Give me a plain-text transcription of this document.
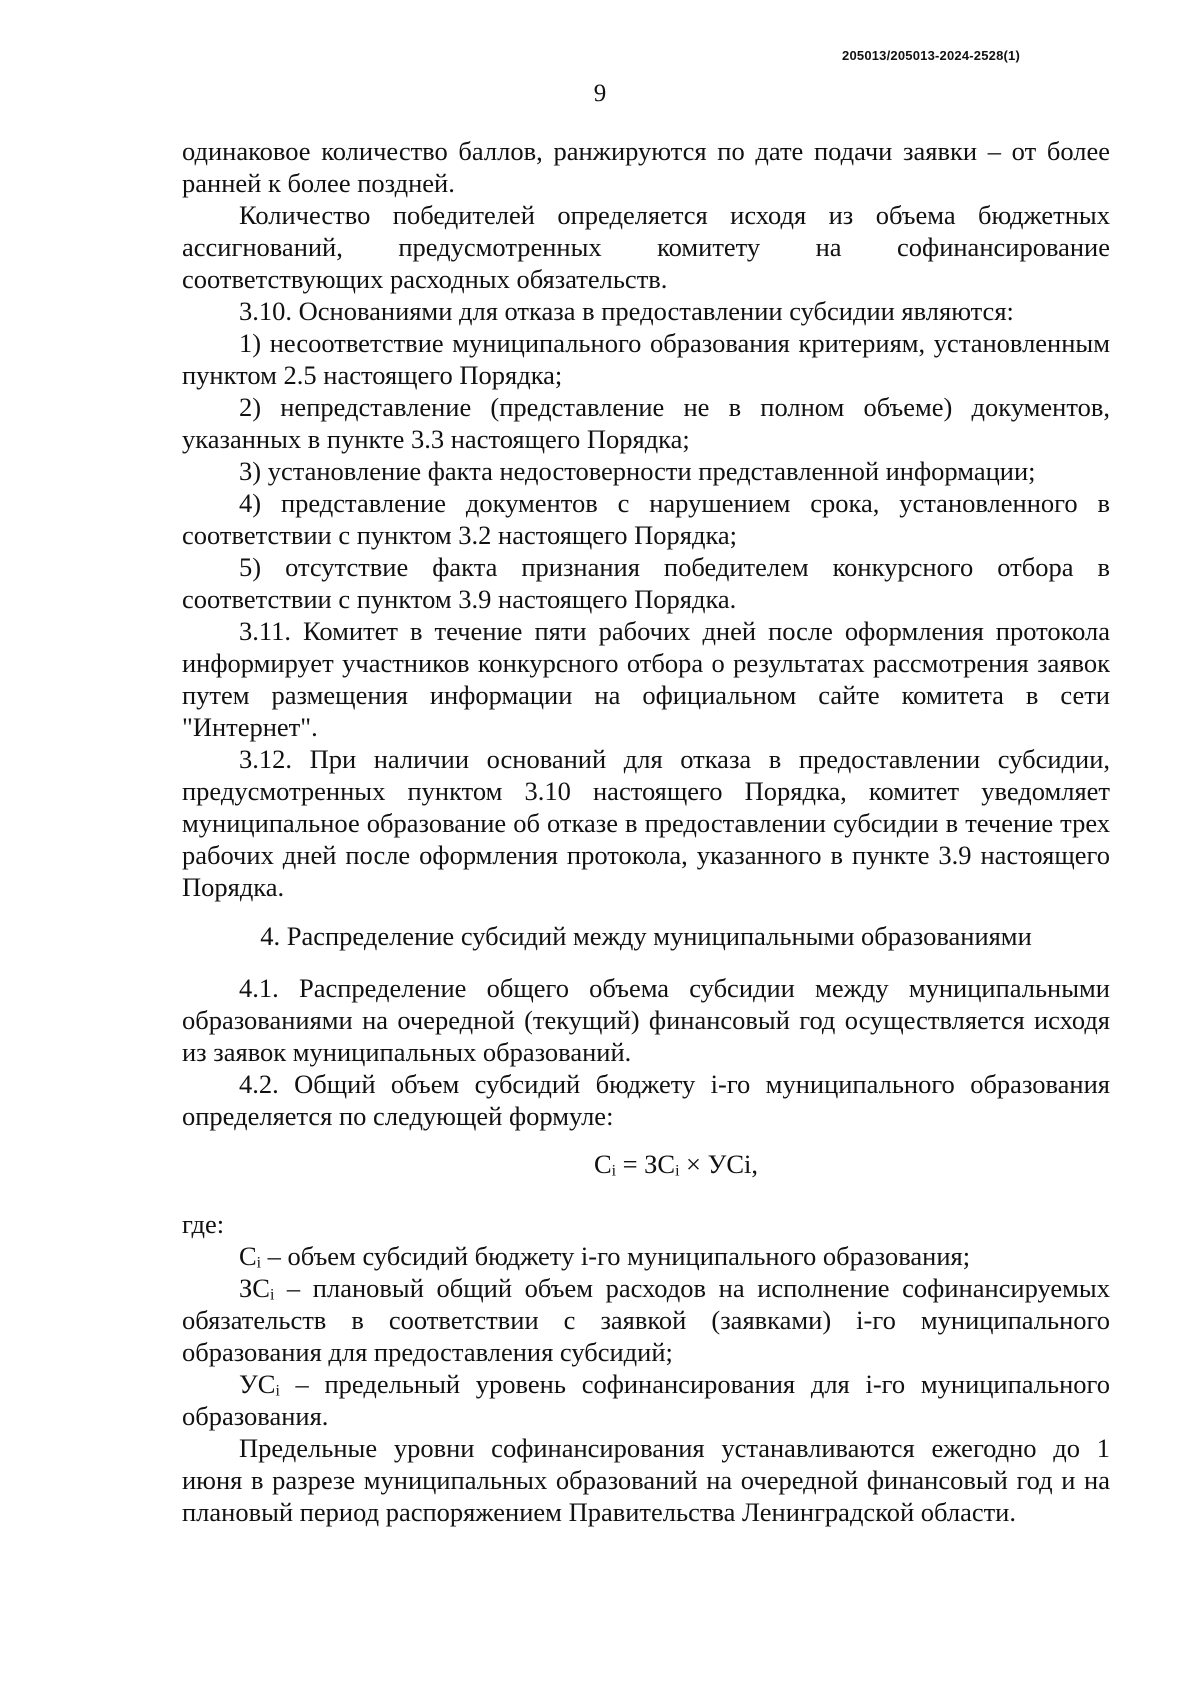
205013/205013-2024-2528(1)
9

одинаковое количество баллов, ранжируются по дате подачи заявки – от более ранней к более поздней.

Количество победителей определяется исходя из объема бюджетных ассигнований, предусмотренных комитету на софинансирование соответствующих расходных обязательств.

3.10. Основаниями для отказа в предоставлении субсидии являются:

1) несоответствие муниципального образования критериям, установленным пунктом 2.5 настоящего Порядка;

2) непредставление (представление не в полном объеме) документов, указанных в пункте 3.3 настоящего Порядка;

3) установление факта недостоверности представленной информации;

4) представление документов с нарушением срока, установленного в соответствии с пунктом 3.2 настоящего Порядка;

5) отсутствие факта признания победителем конкурсного отбора в соответствии с пунктом 3.9 настоящего Порядка.

3.11. Комитет в течение пяти рабочих дней после оформления протокола информирует участников конкурсного отбора о результатах рассмотрения заявок путем размещения информации на официальном сайте комитета в сети "Интернет".

3.12. При наличии оснований для отказа в предоставлении субсидии, предусмотренных пунктом 3.10 настоящего Порядка, комитет уведомляет муниципальное образование об отказе в предоставлении субсидии в течение трех рабочих дней после оформления протокола, указанного в пункте 3.9 настоящего Порядка.

4. Распределение субсидий между муниципальными образованиями

4.1. Распределение общего объема субсидии между муниципальными образованиями на очередной (текущий) финансовый год осуществляется исходя из заявок муниципальных образований.

4.2. Общий объем субсидий бюджету i-го муниципального образования определяется по следующей формуле:

Cᵢ = ЗCᵢ × УCi,

где:

Cᵢ – объем субсидий бюджету i-го муниципального образования;

ЗCᵢ – плановый общий объем расходов на исполнение софинансируемых обязательств в соответствии с заявкой (заявками) i-го муниципального образования для предоставления субсидий;

УCᵢ – предельный уровень софинансирования для i-го муниципального образования.

Предельные уровни софинансирования устанавливаются ежегодно до 1 июня в разрезе муниципальных образований на очередной финансовый год и на плановый период распоряжением Правительства Ленинградской области.
